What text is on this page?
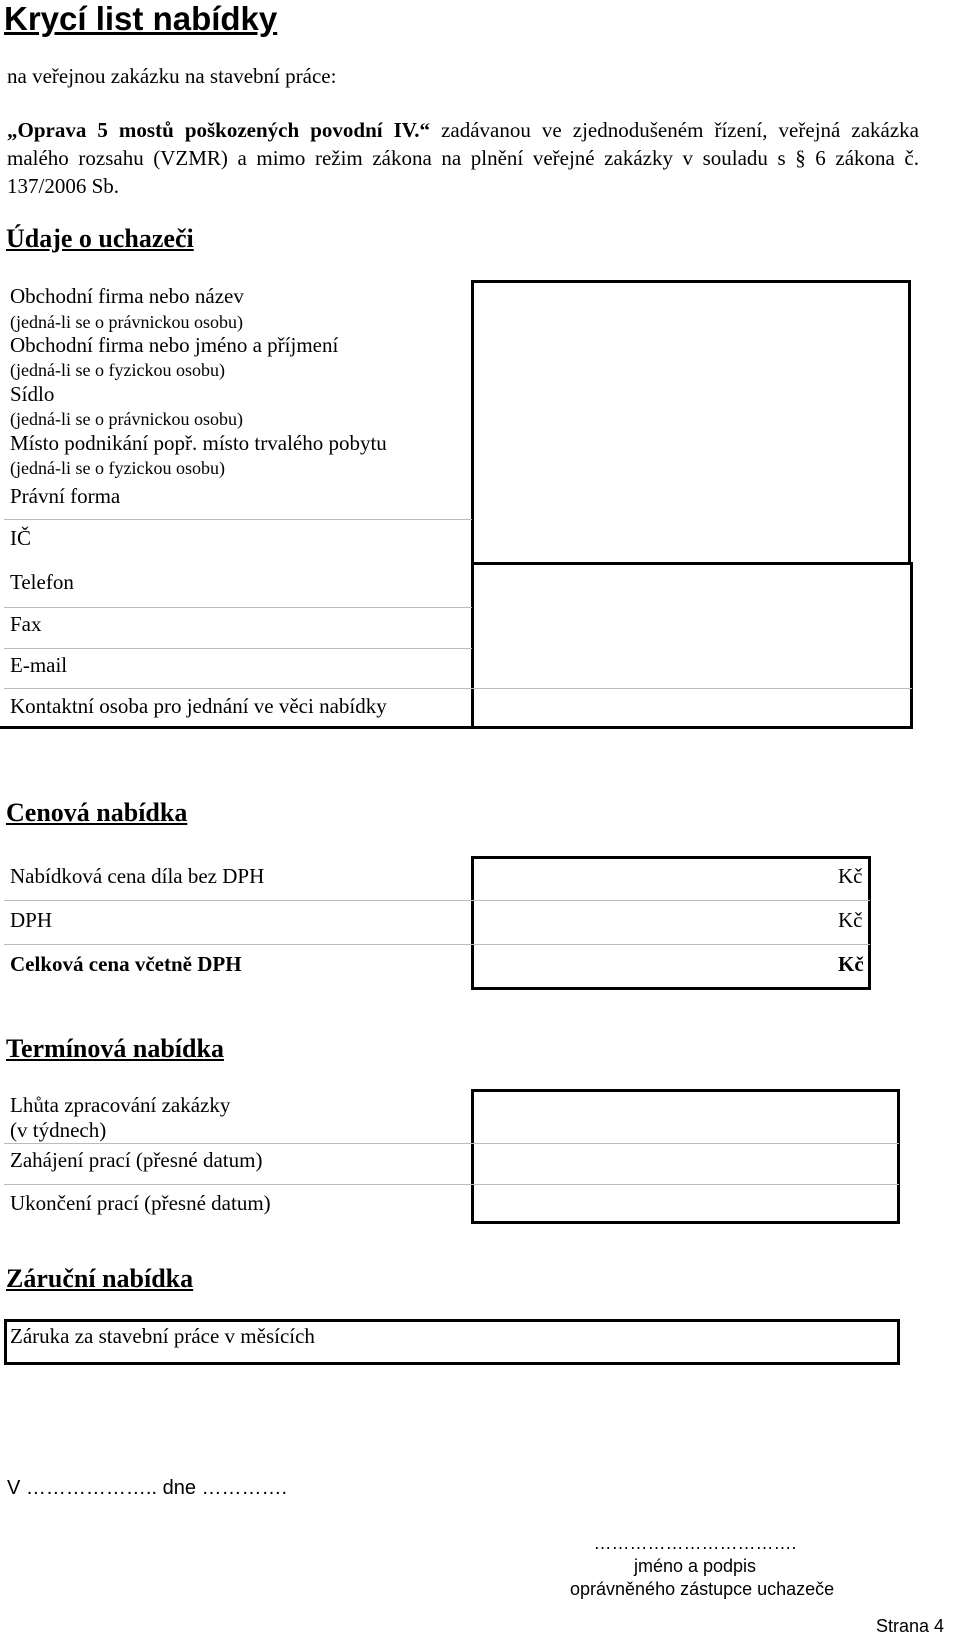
Krycí list nabídky
na veřejnou zakázku na stavební práce:
„Oprava 5 mostů poškozených povodní IV.“ zadávanou ve zjednodušeném řízení, veřejná zakázka malého rozsahu (VZMR) a mimo režim zákona na plnění veřejné zakázky v souladu s § 6 zákona č. 137/2006 Sb.
Údaje o uchazeči
Obchodní firma nebo název
(jedná-li se o právnickou osobu)
Obchodní firma nebo jméno a příjmení
(jedná-li se o fyzickou osobu)
Sídlo
(jedná-li se o právnickou osobu)
Místo podnikání popř. místo trvalého pobytu
(jedná-li se o fyzickou osobu)
Právní forma
IČ
Telefon
Fax
E-mail
Kontaktní osoba pro jednání ve věci nabídky
Cenová nabídka
Nabídková cena díla bez DPH
DPH
Celková cena včetně DPH
Kč
Kč
Kč
Termínová nabídka
Lhůta zpracování zakázky
(v týdnech)
Zahájení prací (přesné datum)
Ukončení prací (přesné datum)
Záruční nabídka
Záruka za stavební práce v měsících
V ……………….. dne ………….
…………………………….
jméno a podpis
oprávněného zástupce uchazeče
Strana 4
